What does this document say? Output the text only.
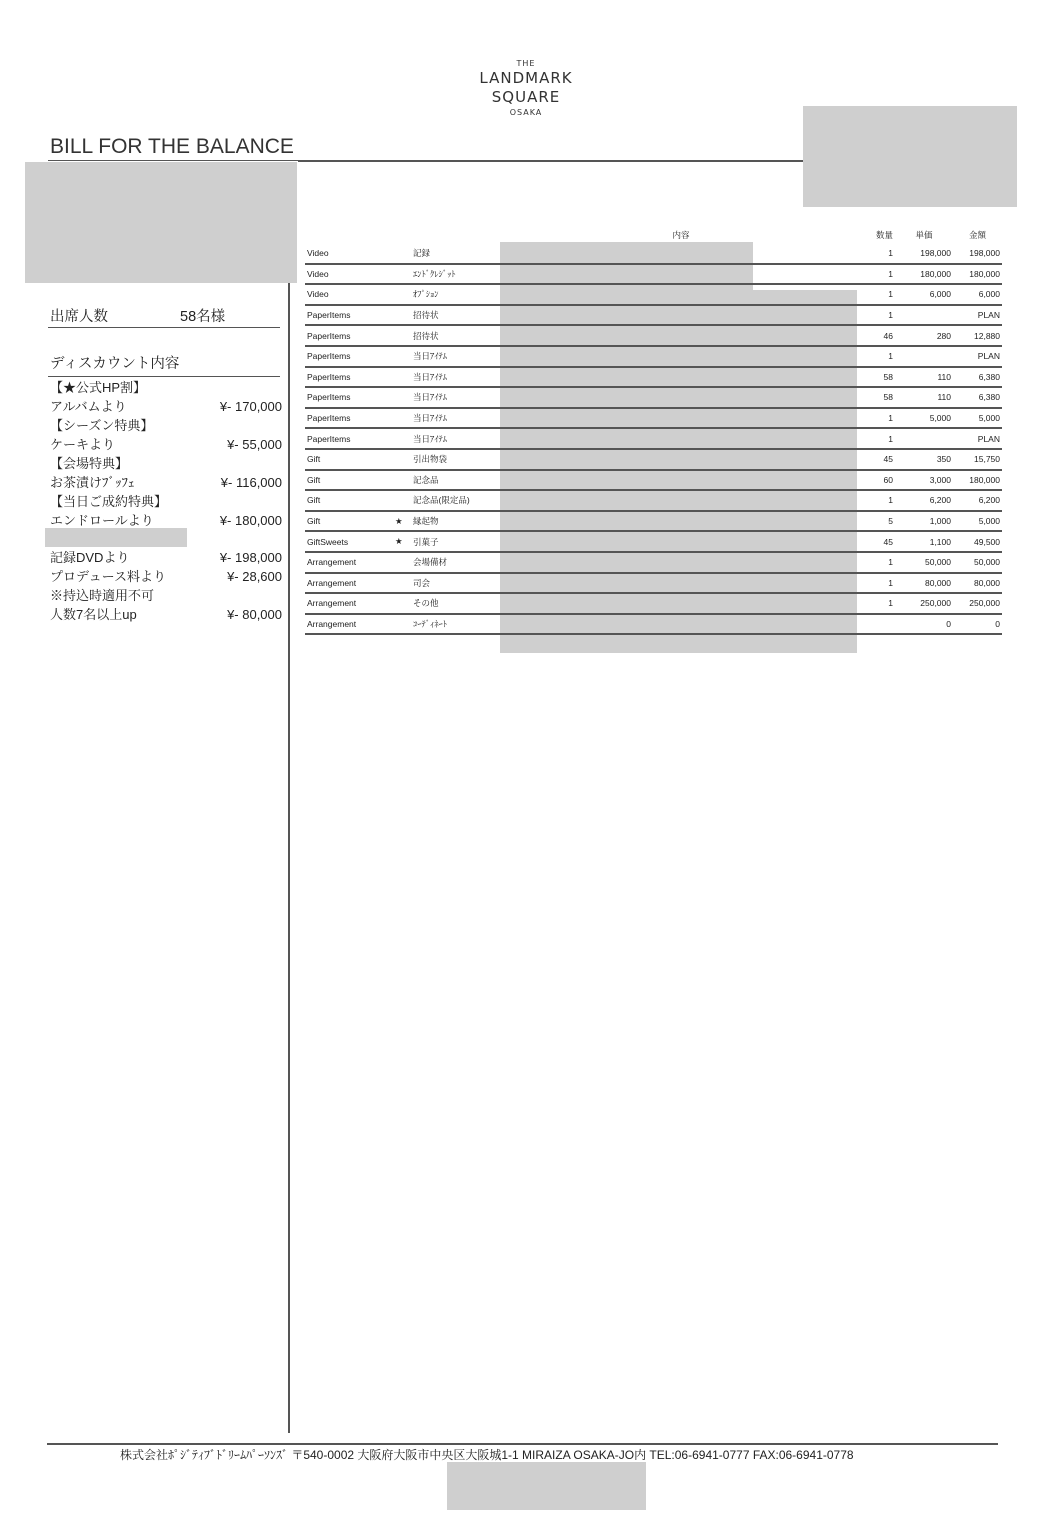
THE
LANDMARK
SQUARE
OSAKA
BILL FOR THE BALANCE
出席人数	58名様
ディスカウント内容
【★公式HP割】
アルバムより	¥- 170,000
【シーズン特典】
ケーキより	¥- 55,000
【会場特典】
お茶漬けﾌﾞｯﾌｪ	¥- 116,000
【当日ご成約特典】
エンドロールより	¥- 180,000
記録DVDより	¥- 198,000
プロデュース料より	¥- 28,600
※持込時適用不可
人数7名以上up	¥- 80,000
			内容	数量	単価	金額
Video		記録		1	198,000	198,000
Video		ｴﾝﾄﾞｸﾚｼﾞｯﾄ		1	180,000	180,000
Video		ｵﾌﾟｼｮﾝ		1	6,000	6,000
PaperItems		招待状		1		PLAN
PaperItems		招待状		46	280	12,880
PaperItems		当日ｱｲﾃﾑ		1		PLAN
PaperItems		当日ｱｲﾃﾑ		58	110	6,380
PaperItems		当日ｱｲﾃﾑ		58	110	6,380
PaperItems		当日ｱｲﾃﾑ		1	5,000	5,000
PaperItems		当日ｱｲﾃﾑ		1		PLAN
Gift		引出物袋		45	350	15,750
Gift		記念品		60	3,000	180,000
Gift		記念品(限定品)		1	6,200	6,200
Gift	★	縁起物		5	1,000	5,000
GiftSweets	★	引菓子		45	1,100	49,500
Arrangement		会場備材		1	50,000	50,000
Arrangement		司会		1	80,000	80,000
Arrangement		その他		1	250,000	250,000
Arrangement		ｺｰﾃﾞｨﾈｰﾄ			0	0
株式会社ﾎﾟｼﾞﾃｨﾌﾞﾄﾞﾘｰﾑﾊﾟｰｿﾝｽﾞ 〒540-0002 大阪府大阪市中央区大阪城1-1 MIRAIZA OSAKA-JO内 TEL:06-6941-0777 FAX:06-6941-0778
